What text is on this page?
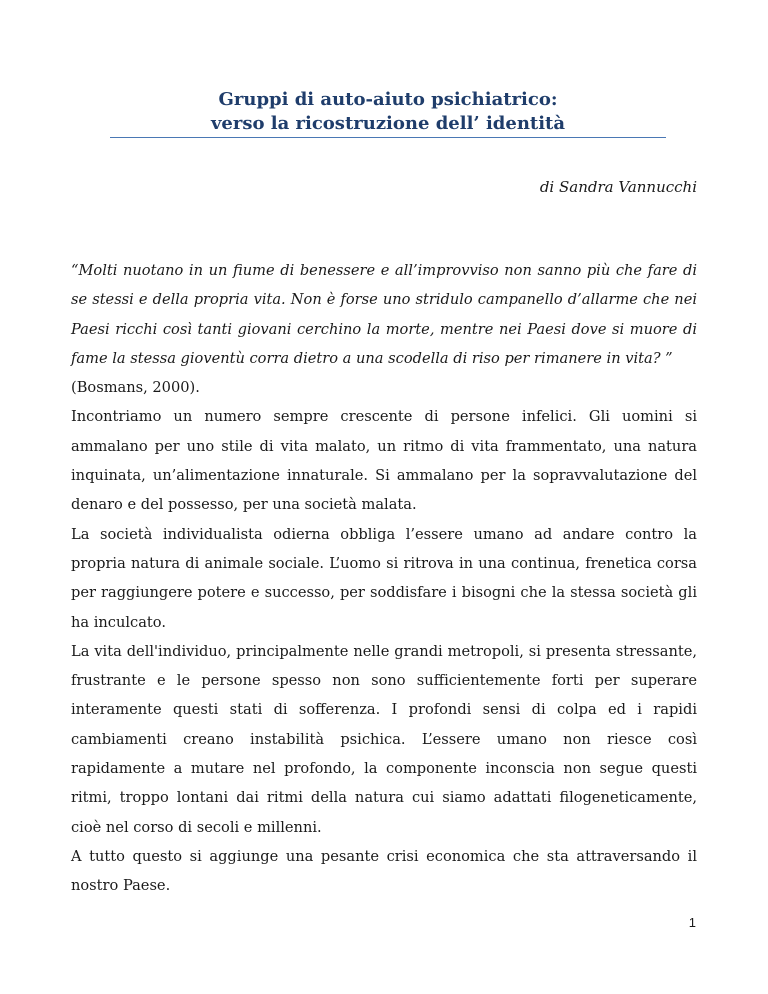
Gruppi di auto-aiuto psichiatrico:
verso la ricostruzione dell’ identità
di Sandra Vannucchi

“Molti nuotano in un fiume di benessere e all’improvviso non sanno più che fare di se stessi e della propria vita. Non è forse uno stridulo campanello d’allarme che nei Paesi ricchi così tanti giovani cerchino la morte, mentre nei Paesi dove si muore di fame la stessa gioventù corra dietro a una scodella di riso per rimanere in vita? ”

(Bosmans, 2000).

Incontriamo un numero sempre crescente di persone infelici. Gli uomini si ammalano per uno stile di vita malato, un ritmo di vita frammentato, una natura inquinata, un’alimentazione innaturale. Si ammalano per la sopravvalutazione del denaro e del possesso, per una società malata.

La società individualista odierna obbliga l’essere umano ad andare contro la propria natura di animale sociale. L’uomo si ritrova in una continua, frenetica corsa per raggiungere potere e successo, per soddisfare i bisogni che la stessa società gli ha inculcato.

La vita dell'individuo, principalmente nelle grandi metropoli, si presenta stressante, frustrante e le persone spesso non sono sufficientemente forti per superare interamente questi stati di sofferenza. I profondi sensi di colpa ed i rapidi cambiamenti creano instabilità psichica. L’essere umano non riesce così rapidamente a mutare nel profondo, la componente inconscia non segue questi ritmi, troppo lontani dai ritmi della natura cui siamo adattati filogeneticamente, cioè nel corso di secoli e millenni.

A tutto questo si aggiunge una pesante crisi economica che sta attraversando il nostro Paese.

1
